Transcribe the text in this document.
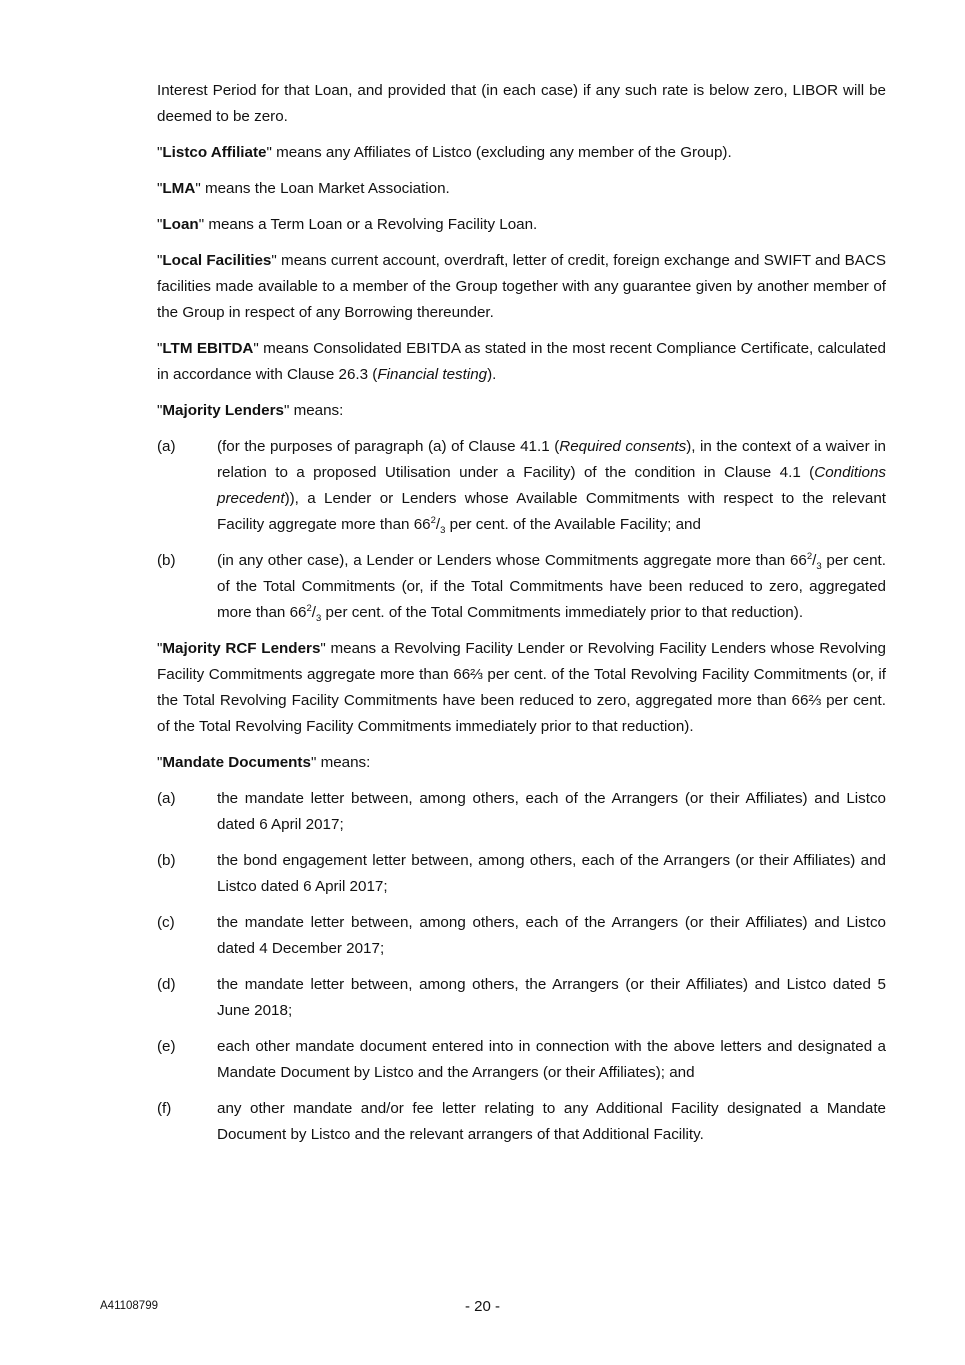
Interest Period for that Loan, and provided that (in each case) if any such rate is below zero, LIBOR will be deemed to be zero.

"Listco Affiliate" means any Affiliates of Listco (excluding any member of the Group).

"LMA" means the Loan Market Association.

"Loan" means a Term Loan or a Revolving Facility Loan.

"Local Facilities" means current account, overdraft, letter of credit, foreign exchange and SWIFT and BACS facilities made available to a member of the Group together with any guarantee given by another member of the Group in respect of any Borrowing thereunder.

"LTM EBITDA" means Consolidated EBITDA as stated in the most recent Compliance Certificate, calculated in accordance with Clause 26.3 (Financial testing).

"Majority Lenders" means:

(a)	(for the purposes of paragraph (a) of Clause 41.1 (Required consents), in the context of a waiver in relation to a proposed Utilisation under a Facility) of the condition in Clause 4.1 (Conditions precedent)), a Lender or Lenders whose Available Commitments with respect to the relevant Facility aggregate more than $66^2/_3$ per cent. of the Available Facility; and
(b)	(in any other case), a Lender or Lenders whose Commitments aggregate more than $66^2/_3$ per cent. of the Total Commitments (or, if the Total Commitments have been reduced to zero, aggregated more than $66^2/_3$ per cent. of the Total Commitments immediately prior to that reduction).

"Majority RCF Lenders" means a Revolving Facility Lender or Revolving Facility Lenders whose Revolving Facility Commitments aggregate more than 66⅔ per cent. of the Total Revolving Facility Commitments (or, if the Total Revolving Facility Commitments have been reduced to zero, aggregated more than 66⅔ per cent. of the Total Revolving Facility Commitments immediately prior to that reduction).

"Mandate Documents" means:

(a)	the mandate letter between, among others, each of the Arrangers (or their Affiliates) and Listco dated 6 April 2017;
(b)	the bond engagement letter between, among others, each of the Arrangers (or their Affiliates) and Listco dated 6 April 2017;
(c)	the mandate letter between, among others, each of the Arrangers (or their Affiliates) and Listco dated 4 December 2017;
(d)	the mandate letter between, among others, the Arrangers (or their Affiliates) and Listco dated 5 June 2018;
(e)	each other mandate document entered into in connection with the above letters and designated a Mandate Document by Listco and the Arrangers (or their Affiliates); and
(f)	any other mandate and/or fee letter relating to any Additional Facility designated a Mandate Document by Listco and the relevant arrangers of that Additional Facility.
A41108799	- 20 -
